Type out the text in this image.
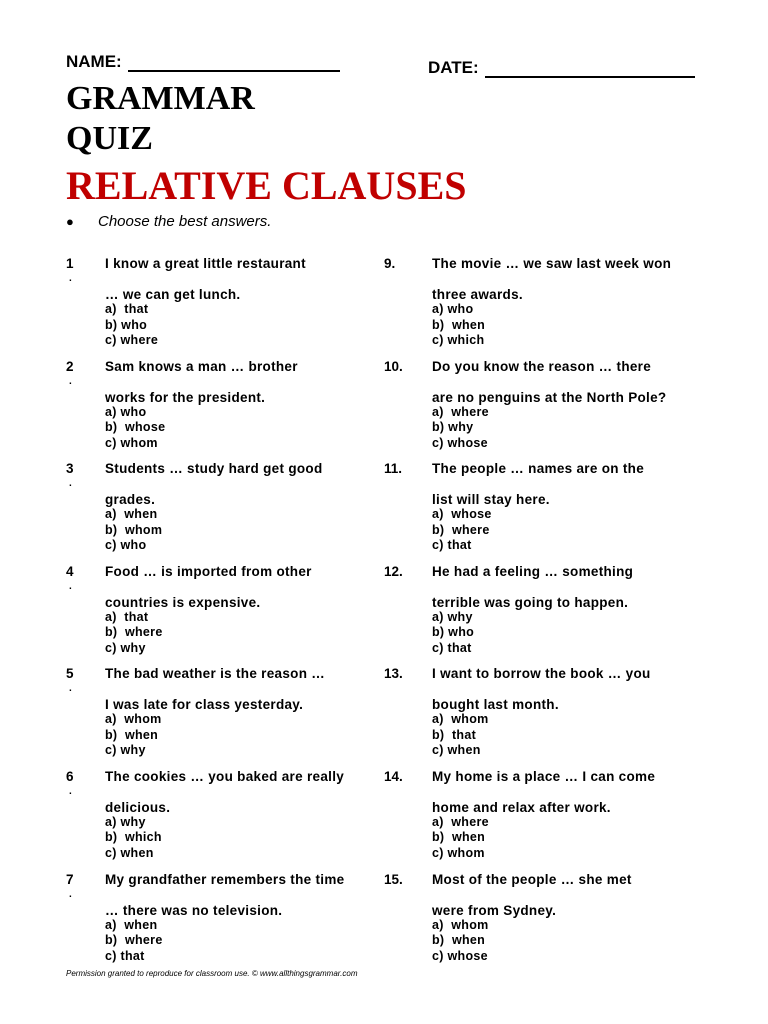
NAME:	DATE:
GRAMMAR
QUIZ
RELATIVE CLAUSES
● Choose the best answers.
1
.
I know a great little restaurant
… we can get lunch.
a)  that
b) who
c) where
2
.
Sam knows a man … brother
works for the president.
a) who
b)  whose
c) whom
3
.
Students … study hard get good
grades.
a)  when
b)  whom
c) who
4
.
Food … is imported from other
countries is expensive.
a)  that
b)  where
c) why
5
.
The bad weather is the reason …
I was late for class yesterday.
a)  whom
b)  when
c) why
6
.
The cookies … you baked are really
delicious.
a) why
b)  which
c) when
7
.
My grandfather remembers the time
… there was no television.
a)  when
b)  where
c) that
9.	The movie … we saw last week won
three awards.
a) who
b)  when
c) which
10. Do you know the reason … there
are no penguins at the North Pole?
a)  where
b) why
c) whose
11. The people … names are on the
list will stay here.
a)  whose
b)  where
c) that
12. He had a feeling … something
terrible was going to happen.
a) why
b) who
c) that
13. I want to borrow the book … you
bought last month.
a)  whom
b)  that
c) when
14. My home is a place … I can come
home and relax after work.
a)  where
b)  when
c) whom
15. Most of the people … she met
were from Sydney.
a)  whom
b)  when
c) whose
Permission granted to reproduce for classroom use. © www.allthingsgrammar.com
